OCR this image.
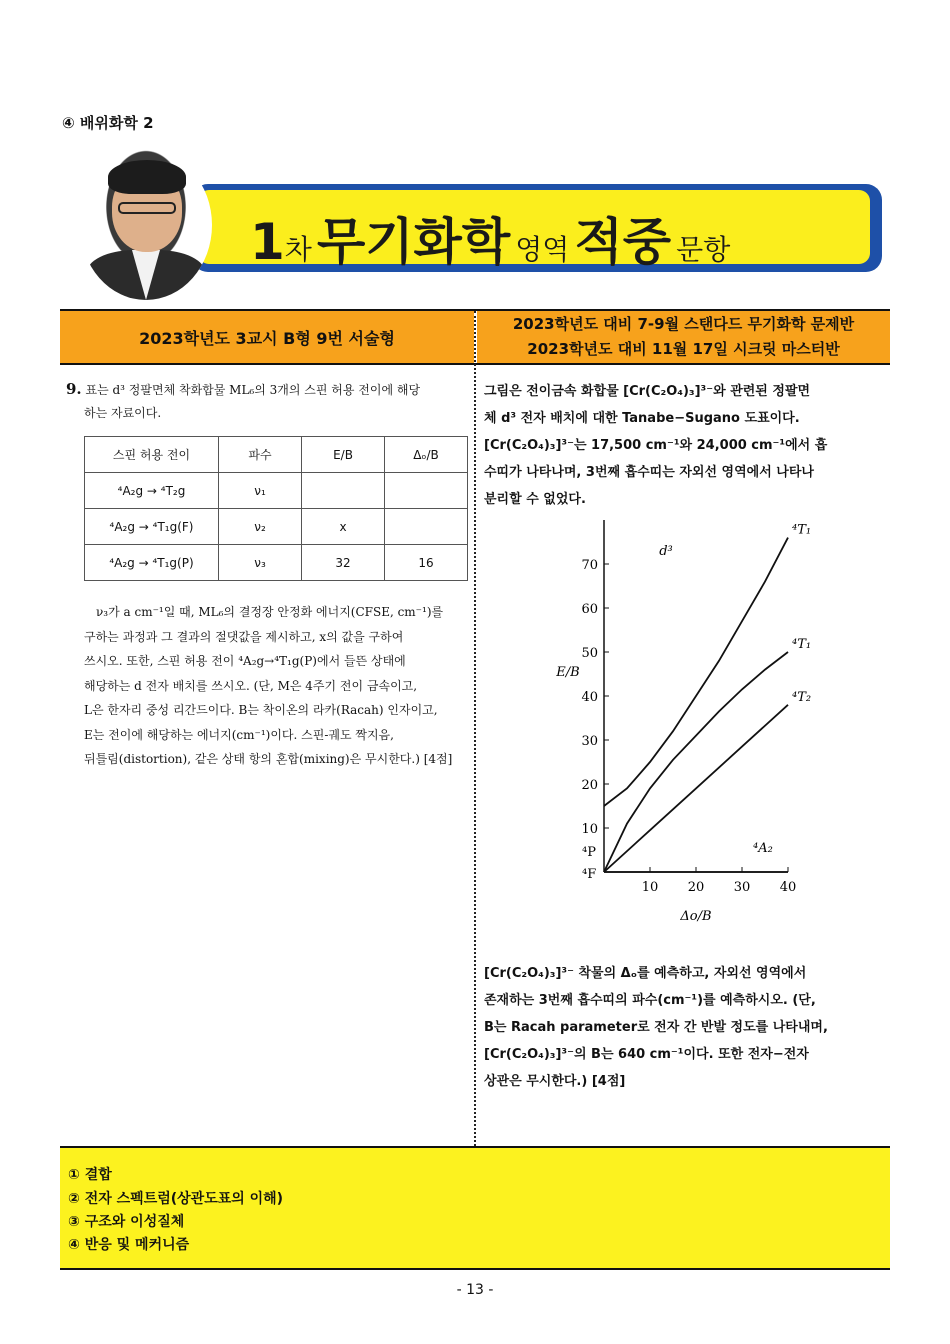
④ 배위화학 2
1차 무기화학 영역 적중 문항
2023학년도 3교시 B형 9번 서술형
2023학년도 대비 7-9월 스탠다드 무기화학 문제반
2023학년도 대비 11월 17일 시크릿 마스터반
9. 표는 d³ 정팔면체 착화합물 ML₆의 3개의 스핀 허용 전이에 해당
하는 자료이다.
스핀 허용 전이	파수	E/B	Δₒ/B
⁴A₂g → ⁴T₂g	ν₁		
⁴A₂g → ⁴T₁g(F)	ν₂	x	
⁴A₂g → ⁴T₁g(P)	ν₃	32	16
ν₃가 a cm⁻¹일 때, ML₆의 결정장 안정화 에너지(CFSE, cm⁻¹)를
구하는 과정과 그 결과의 절댓값을 제시하고, x의 값을 구하여
쓰시오. 또한, 스핀 허용 전이 ⁴A₂g→⁴T₁g(P)에서 들뜬 상태에
해당하는 d 전자 배치를 쓰시오. (단, M은 4주기 전이 금속이고,
L은 한자리 중성 리간드이다. B는 착이온의 라카(Racah) 인자이고,
E는 전이에 해당하는 에너지(cm⁻¹)이다. 스핀-궤도 짝지음,
뒤틀림(distortion), 같은 상태 항의 혼합(mixing)은 무시한다.) [4점]
그림은 전이금속 화합물 [Cr(C₂O₄)₃]³⁻와 관련된 정팔면
체 d³ 전자 배치에 대한 Tanabe−Sugano 도표이다.
[Cr(C₂O₄)₃]³⁻는 17,500 cm⁻¹와 24,000 cm⁻¹에서 흡
수띠가 나타나며, 3번째 흡수띠는 자외선 영역에서 나타나
분리할 수 없었다.
10
20
30
40
50
60
70
10 20 30 40
⁴T₁
⁴T₁
⁴T₂
⁴A₂
d³
⁴F
⁴P
E/B
Δo/B
[Cr(C₂O₄)₃]³⁻ 착물의 Δₒ를 예측하고, 자외선 영역에서
존재하는 3번째 흡수띠의 파수(cm⁻¹)를 예측하시오. (단,
B는 Racah parameter로 전자 간 반발 정도를 나타내며,
[Cr(C₂O₄)₃]³⁻의 B는 640 cm⁻¹이다. 또한 전자−전자
상관은 무시한다.) [4점]
① 결합
② 전자 스펙트럼(상관도표의 이해)
③ 구조와 이성질체
④ 반응 및 메커니즘
- 13 -
